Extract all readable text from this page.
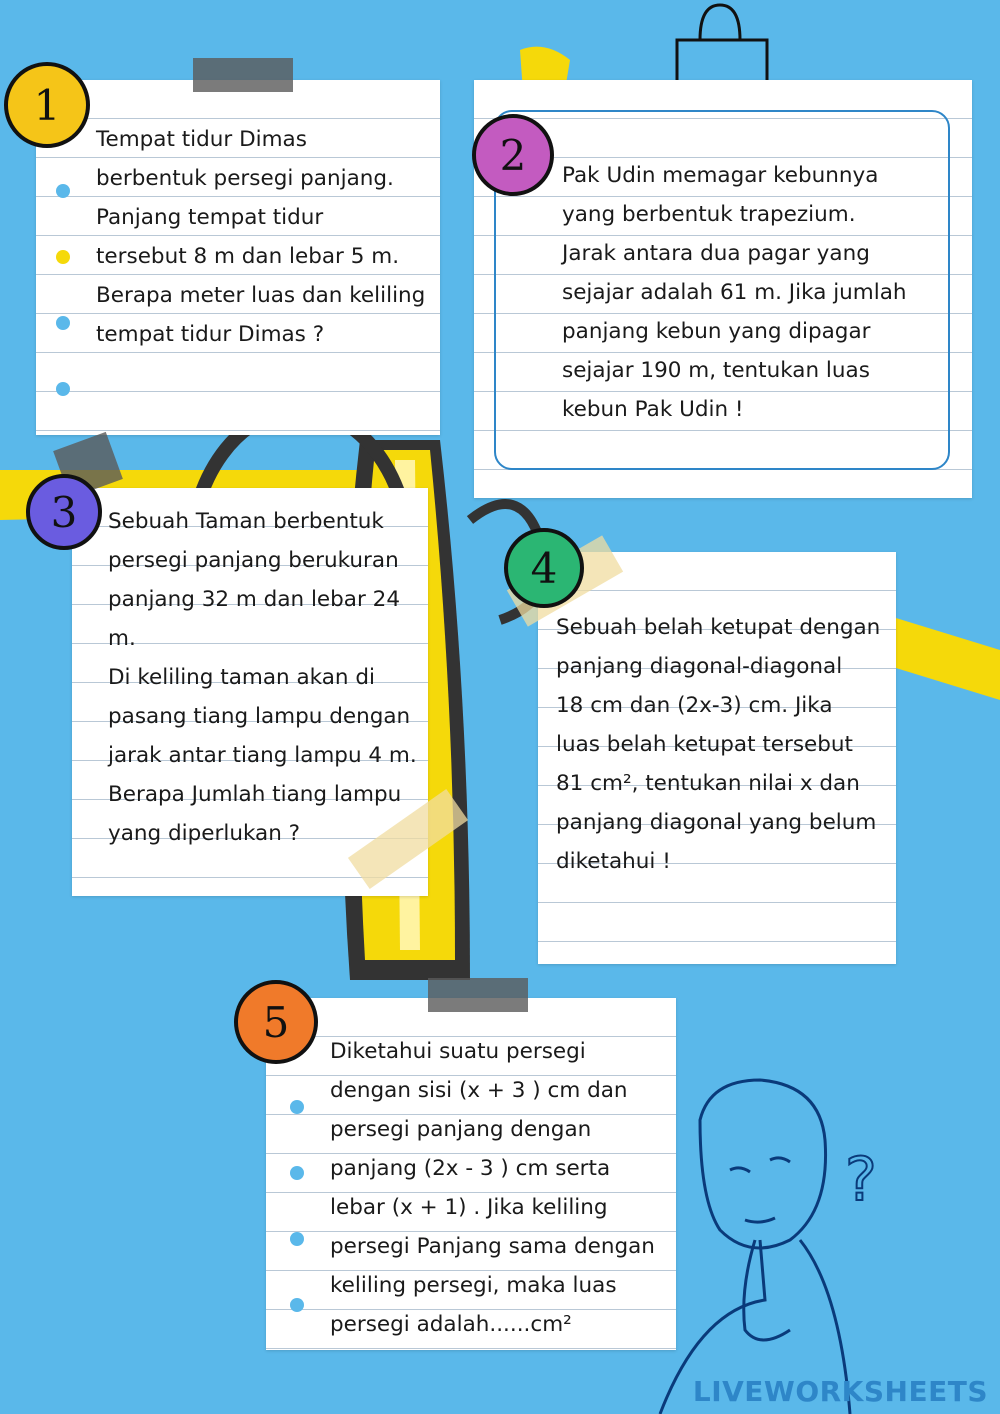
?
1

Tempat tidur Dimas
berbentuk persegi panjang.
Panjang tempat tidur
tersebut 8 m dan lebar 5 m.
Berapa meter luas dan keliling
tempat tidur Dimas ?

2 Pak Udin memagar kebunnya
yang berbentuk trapezium.
Jarak antara dua pagar yang
sejajar adalah 61 m. Jika jumlah
panjang kebun yang dipagar
sejajar 190 m, tentukan luas
kebun Pak Udin !

3 Sebuah Taman berbentuk
persegi panjang berukuran
panjang 32 m dan lebar 24 m.
Di keliling taman akan di
pasang tiang lampu dengan
jarak antar tiang lampu 4 m.
Berapa Jumlah tiang lampu
yang diperlukan ?

4

Sebuah belah ketupat dengan
panjang diagonal-diagonal
18 cm dan (2x-3) cm. Jika
luas belah ketupat tersebut
81 cm², tentukan nilai x dan
panjang diagonal yang belum
diketahui !

5

Diketahui suatu persegi
dengan sisi (x + 3 ) cm dan
persegi panjang dengan
panjang (2x - 3 ) cm serta
lebar (x + 1) . Jika keliling
persegi Panjang sama dengan
keliling persegi, maka luas
persegi adalah......cm²

LIVEWORKSHEETS
